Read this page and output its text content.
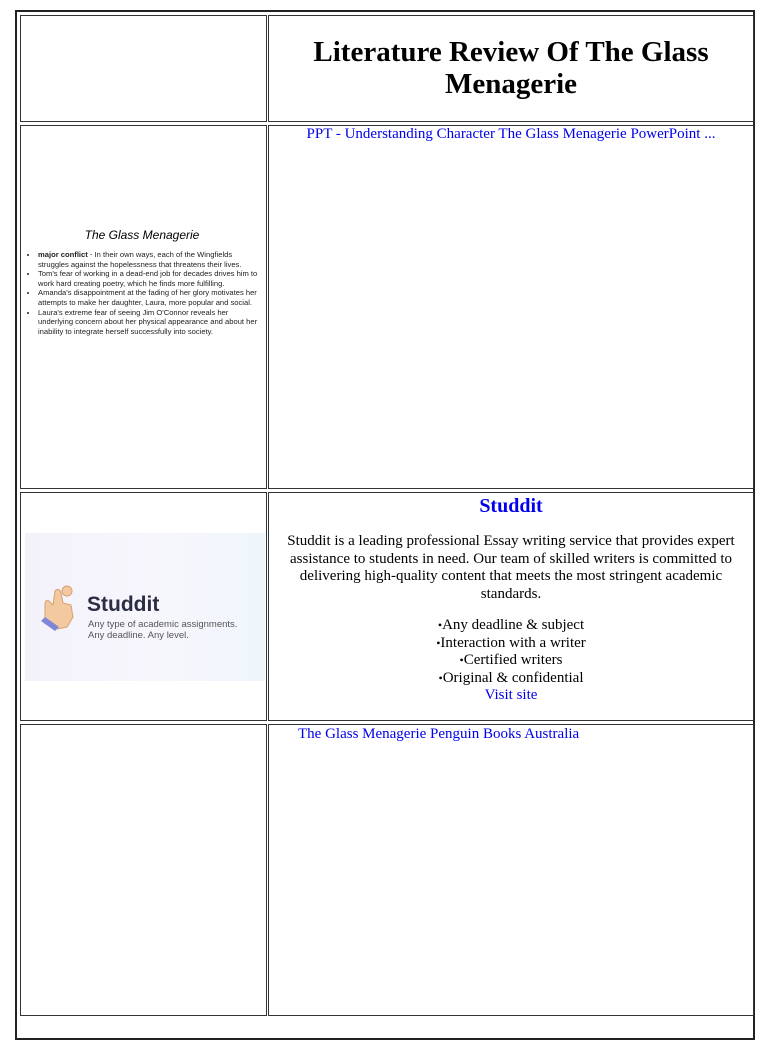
Literature Review Of The Glass Menagerie

The Glass Menagerie

• major conflict - In their own ways, each of the Wingfields struggles against the hopelessness that threatens their lives.
• Tom's fear of working in a dead-end job for decades drives him to work hard creating poetry, which he finds more fulfilling.
• Amanda's disappointment at the fading of her glory motivates her attempts to make her daughter, Laura, more popular and social.
• Laura's extreme fear of seeing Jim O'Connor reveals her underlying concern about her physical appearance and about her inability to integrate herself successfully into society.
PPT - Understanding Character The Glass Menagerie PowerPoint ...
Studdit
Any type of academic assignments.
Any deadline. Any level.
Studdit

Studdit is a leading professional Essay writing service that provides expert assistance to students in need. Our team of skilled writers is committed to delivering high-quality content that meets the most stringent academic standards.

• Any deadline & subject
• Interaction with a writer
• Certified writers
• Original & confidential
Visit site
The Glass Menagerie Penguin Books Australia
